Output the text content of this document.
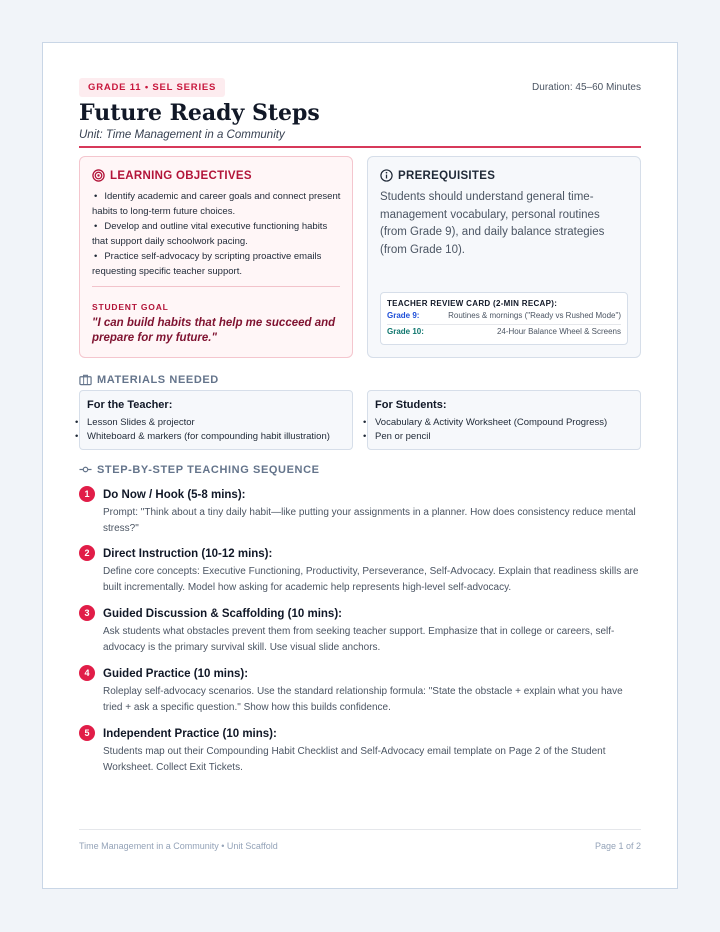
GRADE 11 • SEL SERIES	Duration: 45–60 Minutes
Future Ready Steps
Unit: Time Management in a Community
LEARNING OBJECTIVES
• Identify academic and career goals and connect present habits to long-term future choices.
• Develop and outline vital executive functioning habits that support daily schoolwork pacing.
• Practice self-advocacy by scripting proactive emails requesting specific teacher support.
STUDENT GOAL
"I can build habits that help me succeed and prepare for my future."
PREREQUISITES
Students should understand general time-management vocabulary, personal routines (from Grade 9), and daily balance strategies (from Grade 10).
TEACHER REVIEW CARD (2-MIN RECAP):
Grade 9:	Routines & mornings ("Ready vs Rushed Mode")
Grade 10:	24-Hour Balance Wheel & Screens
MATERIALS NEEDED
For the Teacher:
• Lesson Slides & projector
• Whiteboard & markers (for compounding habit illustration)
For Students:
• Vocabulary & Activity Worksheet (Compound Progress)
• Pen or pencil
STEP-BY-STEP TEACHING SEQUENCE
1	Do Now / Hook (5-8 mins):
Prompt: "Think about a tiny daily habit—like putting your assignments in a planner. How does consistency reduce mental stress?"
2	Direct Instruction (10-12 mins):
Define core concepts: Executive Functioning, Productivity, Perseverance, Self-Advocacy. Explain that readiness skills are built incrementally. Model how asking for academic help represents high-level self-advocacy.
3	Guided Discussion & Scaffolding (10 mins):
Ask students what obstacles prevent them from seeking teacher support. Emphasize that in college or careers, self-advocacy is the primary survival skill. Use visual slide anchors.
4	Guided Practice (10 mins):
Roleplay self-advocacy scenarios. Use the standard relationship formula: "State the obstacle + explain what you have tried + ask a specific question." Show how this builds confidence.
5	Independent Practice (10 mins):
Students map out their Compounding Habit Checklist and Self-Advocacy email template on Page 2 of the Student Worksheet. Collect Exit Tickets.
Time Management in a Community • Unit Scaffold	Page 1 of 2
